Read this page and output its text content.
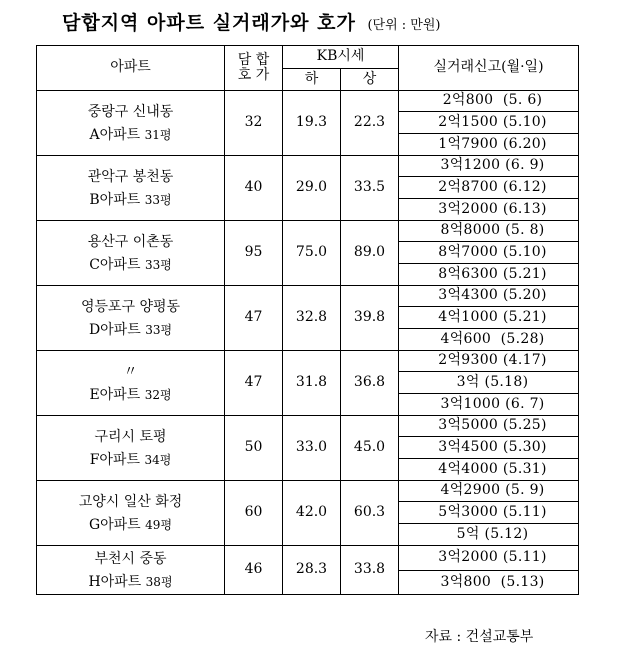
담합지역 아파트 실거래가와 호가 (단위 : 만원)
아파트	담 합
호 가	KB시세		실거래신고(월·일)
		하	상	

중랑구 신내동
A아파트 31평	32	19.3	22.3	2억800  (5. 6)
				2억1500 (5.10)
				1억7900 (6.20)

관악구 봉천동
B아파트 33평	40	29.0	33.5	3억1200 (6. 9)
				2억8700 (6.12)
				3억2000 (6.13)

용산구 이촌동
C아파트 33평	95	75.0	89.0	8억8000 (5. 8)
				8억7000 (5.10)
				8억6300 (5.21)

영등포구 양평동
D아파트 33평	47	32.8	39.8	3억4300 (5.20)
				4억1000 (5.21)
				4억600  (5.28)

〃
E아파트 32평	47	31.8	36.8	2억9300 (4.17)
				3억 (5.18)
				3억1000 (6. 7)

구리시 토평
F아파트 34평	50	33.0	45.0	3억5000 (5.25)
				3억4500 (5.30)
				4억4000 (5.31)

고양시 일산 화정
G아파트 49평	60	42.0	60.3	4억2900 (5. 9)
				5억3000 (5.11)
				5억 (5.12)

부천시 중동
H아파트 38평	46	28.3	33.8	3억2000 (5.11)
				3억800  (5.13)
자료 : 건설교통부
